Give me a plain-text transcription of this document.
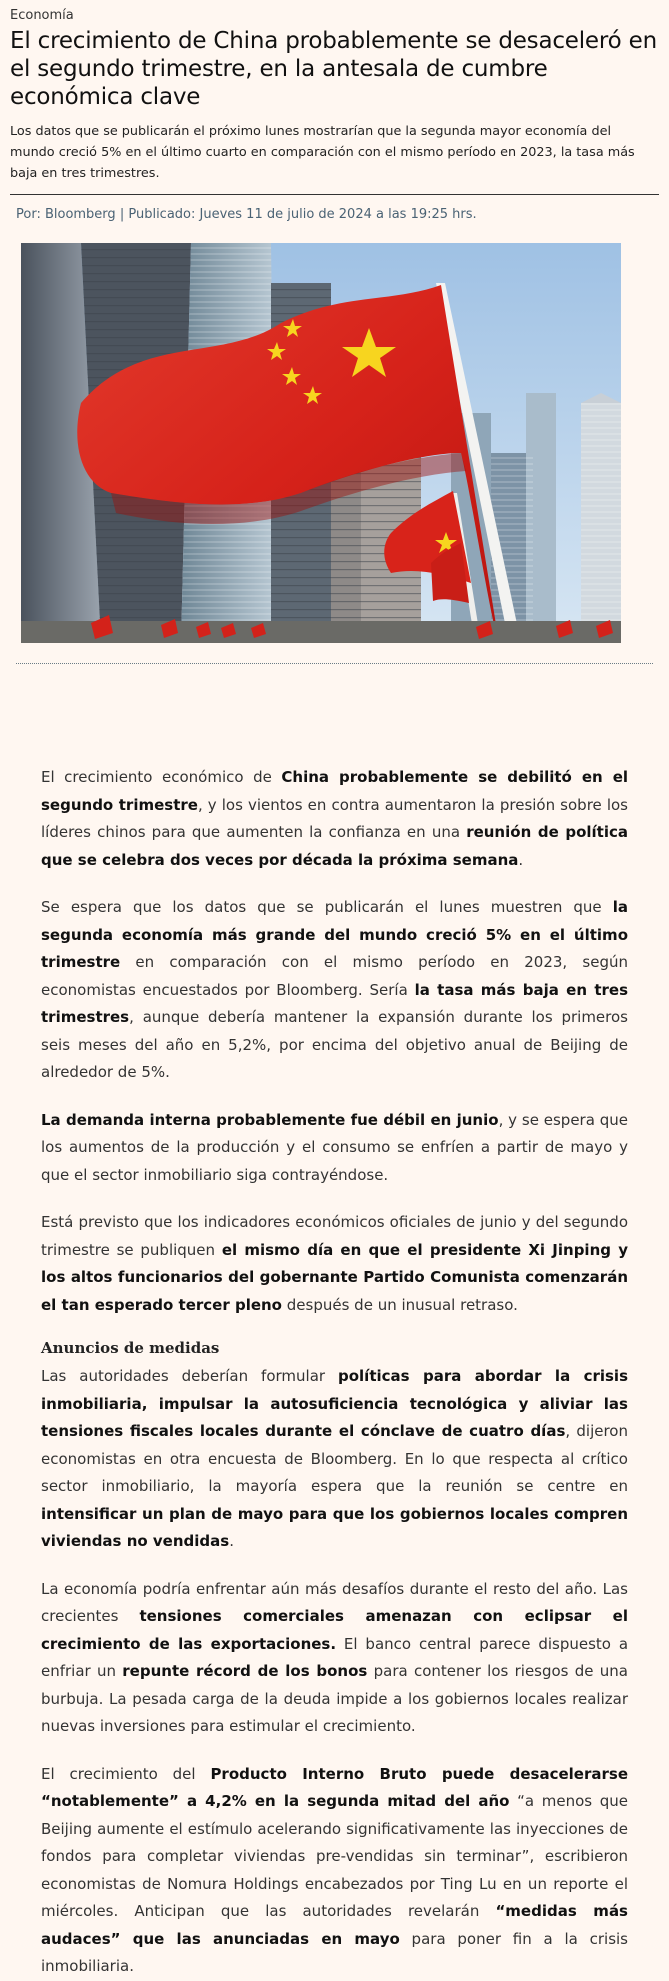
Economía
El crecimiento de China probablemente se desaceleró en el segundo trimestre, en la antesala de cumbre económica clave

Los datos que se publicarán el próximo lunes mostrarían que la segunda mayor economía del mundo creció 5% en el último cuarto en comparación con el mismo período en 2023, la tasa más baja en tres trimestres.

Por: Bloomberg | Publicado: Jueves 11 de julio de 2024 a las 19:25 hrs.

El crecimiento económico de China probablemente se debilitó en el segundo trimestre, y los vientos en contra aumentaron la presión sobre los líderes chinos para que aumenten la confianza en una reunión de política que se celebra dos veces por década la próxima semana.

Se espera que los datos que se publicarán el lunes muestren que la segunda economía más grande del mundo creció 5% en el último trimestre en comparación con el mismo período en 2023, según economistas encuestados por Bloomberg. Sería la tasa más baja en tres trimestres, aunque debería mantener la expansión durante los primeros seis meses del año en 5,2%, por encima del objetivo anual de Beijing de alrededor de 5%.

La demanda interna probablemente fue débil en junio, y se espera que los aumentos de la producción y el consumo se enfríen a partir de mayo y que el sector inmobiliario siga contrayéndose.

Está previsto que los indicadores económicos oficiales de junio y del segundo trimestre se publiquen el mismo día en que el presidente Xi Jinping y los altos funcionarios del gobernante Partido Comunista comenzarán el tan esperado tercer pleno después de un inusual retraso.

Anuncios de medidas

Las autoridades deberían formular políticas para abordar la crisis inmobiliaria, impulsar la autosuficiencia tecnológica y aliviar las tensiones fiscales locales durante el cónclave de cuatro días, dijeron economistas en otra encuesta de Bloomberg. En lo que respecta al crítico sector inmobiliario, la mayoría espera que la reunión se centre en intensificar un plan de mayo para que los gobiernos locales compren viviendas no vendidas.

La economía podría enfrentar aún más desafíos durante el resto del año. Las crecientes tensiones comerciales amenazan con eclipsar el crecimiento de las exportaciones. El banco central parece dispuesto a enfriar un repunte récord de los bonos para contener los riesgos de una burbuja. La pesada carga de la deuda impide a los gobiernos locales realizar nuevas inversiones para estimular el crecimiento.

El crecimiento del Producto Interno Bruto puede desacelerarse “notablemente” a 4,2% en la segunda mitad del año “a menos que Beijing aumente el estímulo acelerando significativamente las inyecciones de fondos para completar viviendas pre-vendidas sin terminar”, escribieron economistas de Nomura Holdings encabezados por Ting Lu en un reporte el miércoles. Anticipan que las autoridades revelarán “medidas más audaces” que las anunciadas en mayo para poner fin a la crisis inmobiliaria.
